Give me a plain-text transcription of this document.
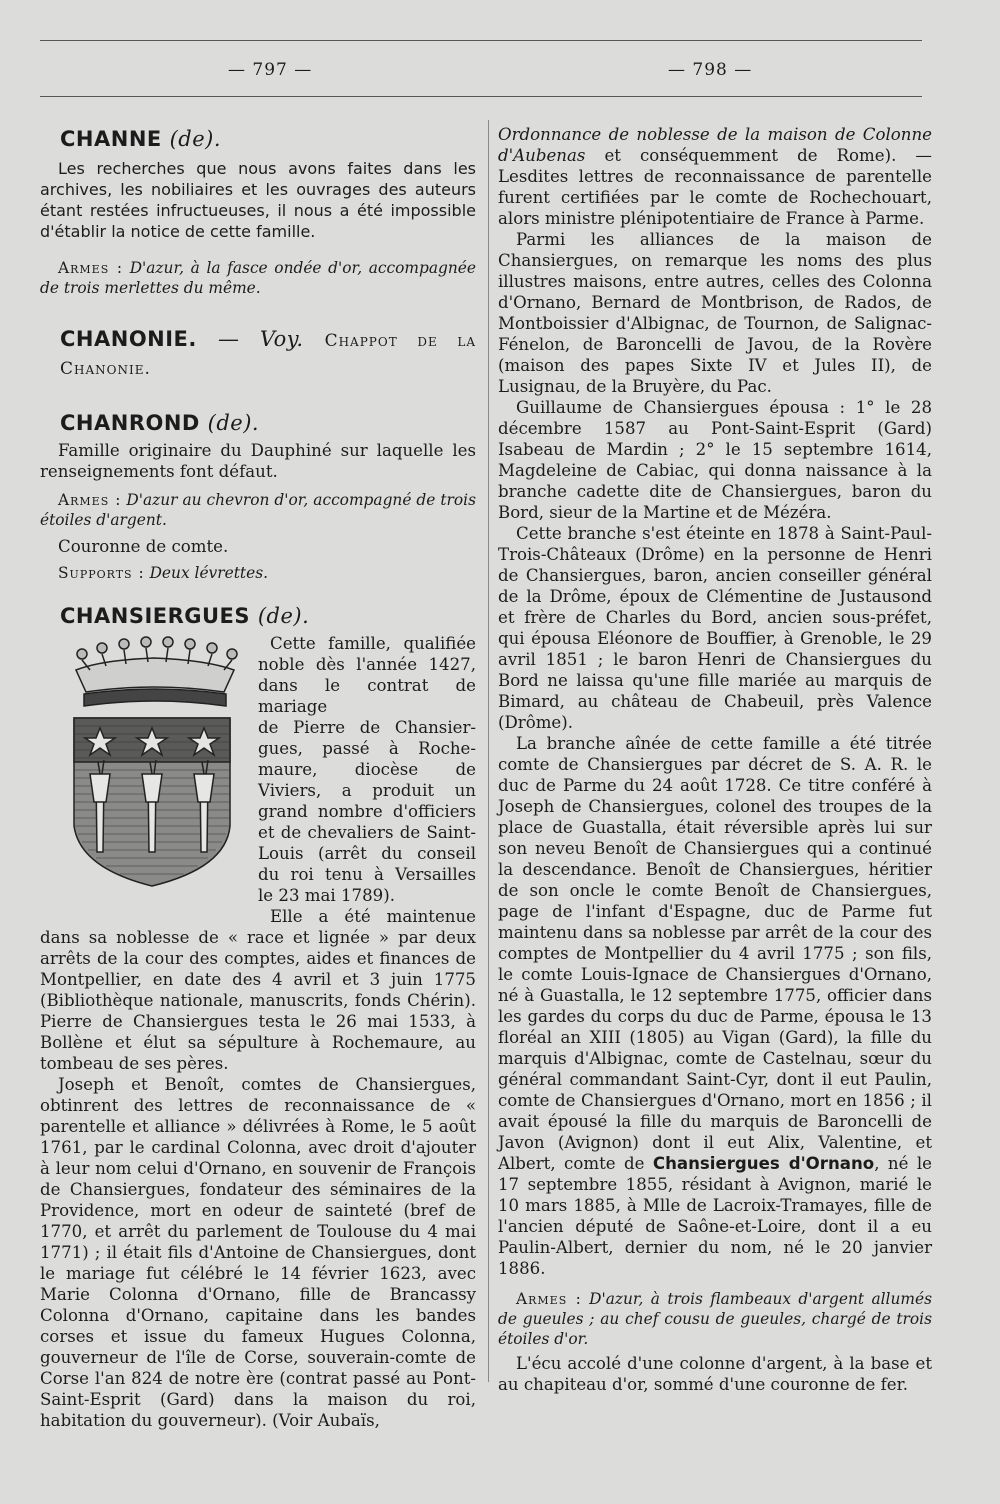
— 797 —	— 798 —
CHANNE (de).

Les recherches que nous avons faites dans les archives, les nobiliaires et les ouvrages des auteurs étant restées infructueuses, il nous a été impossible d'établir la notice de cette famille.

Armes : D'azur, à la fasce ondée d'or, accompagnée de trois merlettes du même.

CHANONIE. — Voy. Chappot de la Chanonie.
CHANROND (de).

Famille originaire du Dauphiné sur laquelle les renseignements font défaut.

Armes : D'azur au chevron d'or, accompagné de trois étoiles d'argent.

Couronne de comte.

Supports : Deux lévrettes.

CHANSIERGUES (de).
Cette famille, qualifiée
noble dès l'année 1427,
dans le contrat de mariage
de Pierre de Chansier-
gues, passé à Roche-
maure, diocèse de
Viviers, a produit un
grand nombre d'officiers
et de chevaliers de Saint-
Louis (arrêt du conseil
du roi tenu à Versailles
le 23 mai 1789).
Elle a été maintenue

dans sa noblesse de « race et lignée » par deux arrêts de la cour des comptes, aides et finances de Montpellier, en date des 4 avril et 3 juin 1775 (Bibliothèque nationale, manuscrits, fonds Chérin). Pierre de Chansiergues testa le 26 mai 1533, à Bollène et élut sa sépulture à Rochemaure, au tombeau de ses pères.

Joseph et Benoît, comtes de Chansiergues, obtinrent des lettres de reconnaissance de « parentelle et alliance » délivrées à Rome, le 5 août 1761, par le cardinal Colonna, avec droit d'ajouter à leur nom celui d'Ornano, en souvenir de François de Chansiergues, fondateur des séminaires de la Providence, mort en odeur de sainteté (bref de 1770, et arrêt du parlement de Toulouse du 4 mai 1771) ; il était fils d'Antoine de Chansiergues, dont le mariage fut célébré le 14 février 1623, avec Marie Colonna d'Ornano, fille de Brancassy Colonna d'Ornano, capitaine dans les bandes corses et issue du fameux Hugues Colonna, gouverneur de l'île de Corse, souverain-comte de Corse l'an 824 de notre ère (contrat passé au Pont-Saint-Esprit (Gard) dans la maison du roi, habitation du gouverneur). (Voir Aubaïs,

Ordonnance de noblesse de la maison de Colonne d'Aubenas et conséquemment de Rome). — Lesdites lettres de reconnaissance de parentelle furent certifiées par le comte de Rochechouart, alors ministre plénipotentiaire de France à Parme.

Parmi les alliances de la maison de Chansiergues, on remarque les noms des plus illustres maisons, entre autres, celles des Colonna d'Ornano, Bernard de Montbrison, de Rados, de Montboissier d'Albignac, de Tournon, de Salignac-Fénelon, de Baroncelli de Javou, de la Rovère (maison des papes Sixte IV et Jules II), de Lusignau, de la Bruyère, du Pac.

Guillaume de Chansiergues épousa : 1° le 28 décembre 1587 au Pont-Saint-Esprit (Gard) Isabeau de Mardin ; 2° le 15 septembre 1614, Magdeleine de Cabiac, qui donna naissance à la branche cadette dite de Chansiergues, baron du Bord, sieur de la Martine et de Mézéra.

Cette branche s'est éteinte en 1878 à Saint-Paul-Trois-Châteaux (Drôme) en la personne de Henri de Chansiergues, baron, ancien conseiller général de la Drôme, époux de Clémentine de Justausond et frère de Charles du Bord, ancien sous-préfet, qui épousa Eléonore de Bouffier, à Grenoble, le 29 avril 1851 ; le baron Henri de Chansiergues du Bord ne laissa qu'une fille mariée au marquis de Bimard, au château de Chabeuil, près Valence (Drôme).

La branche aînée de cette famille a été titrée comte de Chansiergues par décret de S. A. R. le duc de Parme du 24 août 1728. Ce titre conféré à Joseph de Chansiergues, colonel des troupes de la place de Guastalla, était réversible après lui sur son neveu Benoît de Chansiergues qui a continué la descendance. Benoît de Chansiergues, héritier de son oncle le comte Benoît de Chansiergues, page de l'infant d'Espagne, duc de Parme fut maintenu dans sa noblesse par arrêt de la cour des comptes de Montpellier du 4 avril 1775 ; son fils, le comte Louis-Ignace de Chansiergues d'Ornano, né à Guastalla, le 12 septembre 1775, officier dans les gardes du corps du duc de Parme, épousa le 13 floréal an XIII (1805) au Vigan (Gard), la fille du marquis d'Albignac, comte de Castelnau, sœur du général commandant Saint-Cyr, dont il eut Paulin, comte de Chansiergues d'Ornano, mort en 1856 ; il avait épousé la fille du marquis de Baroncelli de Javon (Avignon) dont il eut Alix, Valentine, et Albert, comte de Chansiergues d'Ornano, né le 17 septembre 1855, résidant à Avignon, marié le 10 mars 1885, à Mlle de Lacroix-Tramayes, fille de l'ancien député de Saône-et-Loire, dont il a eu Paulin-Albert, dernier du nom, né le 20 janvier 1886.

Armes : D'azur, à trois flambeaux d'argent allumés de gueules ; au chef cousu de gueules, chargé de trois étoiles d'or.

L'écu accolé d'une colonne d'argent, à la base et au chapiteau d'or, sommé d'une couronne de fer.
